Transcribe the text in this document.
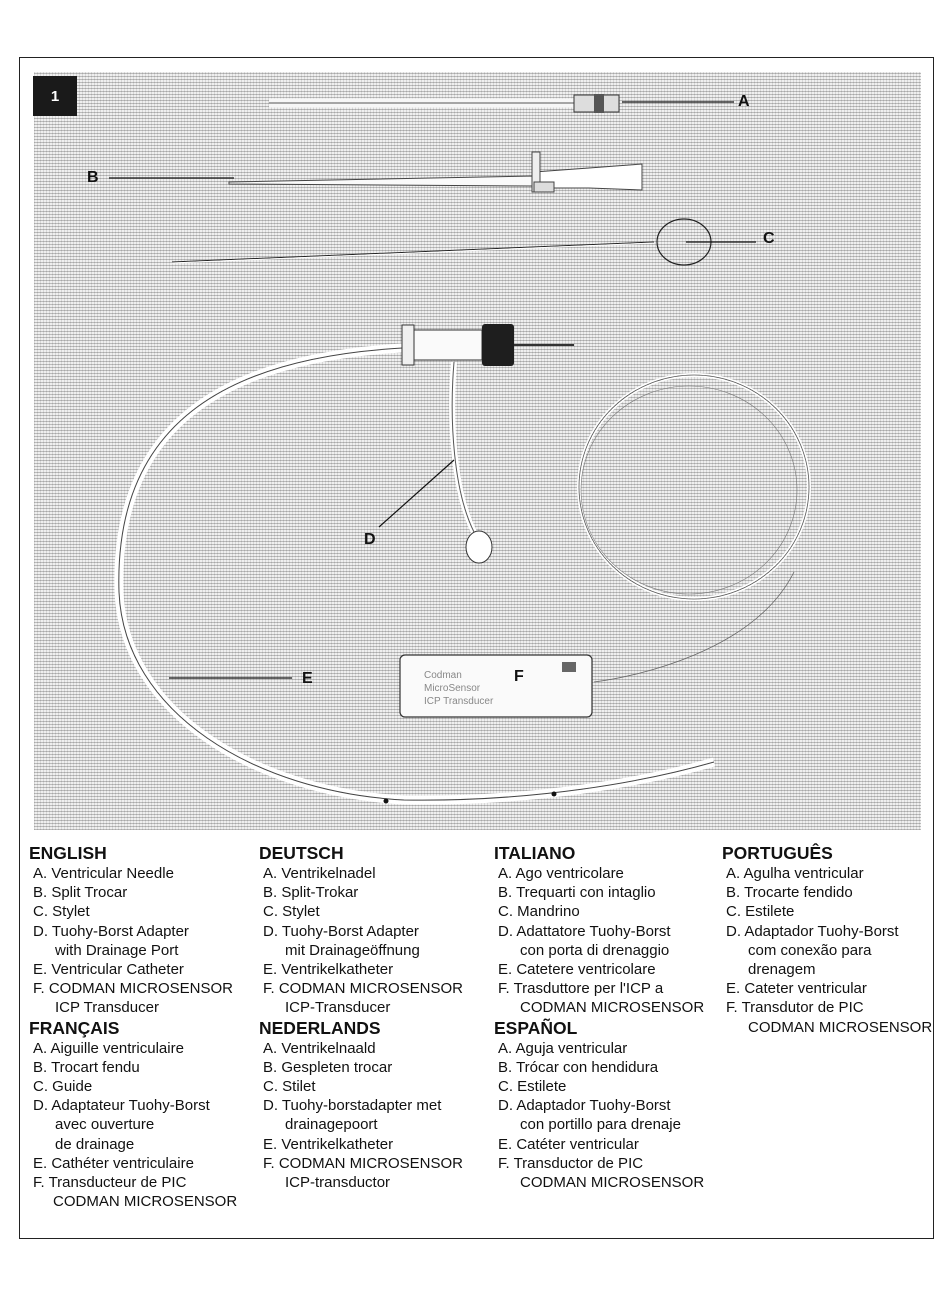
Codman
MicroSensor
ICP Transducer
1	A
B
C
D
E	F
ENGLISH
A. Ventricular Needle
B. Split Trocar
C. Stylet
D. Tuohy-Borst Adapter
with Drainage Port
E. Ventricular Catheter
F. CODMAN MICROSENSOR
ICP Transducer
FRANÇAIS
A. Aiguille ventriculaire
B. Trocart fendu
C. Guide
D. Adaptateur Tuohy-Borst
avec ouverture
de drainage
E. Cathéter ventriculaire
F. Transducteur de PIC
CODMAN MICROSENSOR
DEUTSCH
A. Ventrikelnadel
B. Split-Trokar
C. Stylet
D. Tuohy-Borst Adapter
mit Drainageöffnung
E. Ventrikelkatheter
F. CODMAN MICROSENSOR
ICP-Transducer
NEDERLANDS
A. Ventrikelnaald
B. Gespleten trocar
C. Stilet
D. Tuohy-borstadapter met
drainagepoort
E. Ventrikelkatheter
F. CODMAN MICROSENSOR
ICP-transductor
ITALIANO
A. Ago ventricolare
B. Trequarti con intaglio
C. Mandrino
D. Adattatore Tuohy-Borst
con porta di drenaggio
E. Catetere ventricolare
F. Trasduttore per l'ICP a
CODMAN MICROSENSOR
ESPAÑOL
A. Aguja ventricular
B. Trócar con hendidura
C. Estilete
D. Adaptador Tuohy-Borst
con portillo para drenaje
E. Catéter ventricular
F. Transductor de PIC
CODMAN MICROSENSOR
PORTUGUÊS
A. Agulha ventricular
B. Trocarte fendido
C. Estilete
D. Adaptador Tuohy-Borst
com conexão para
drenagem
E. Cateter ventricular
F. Transdutor de PIC
CODMAN MICROSENSOR
